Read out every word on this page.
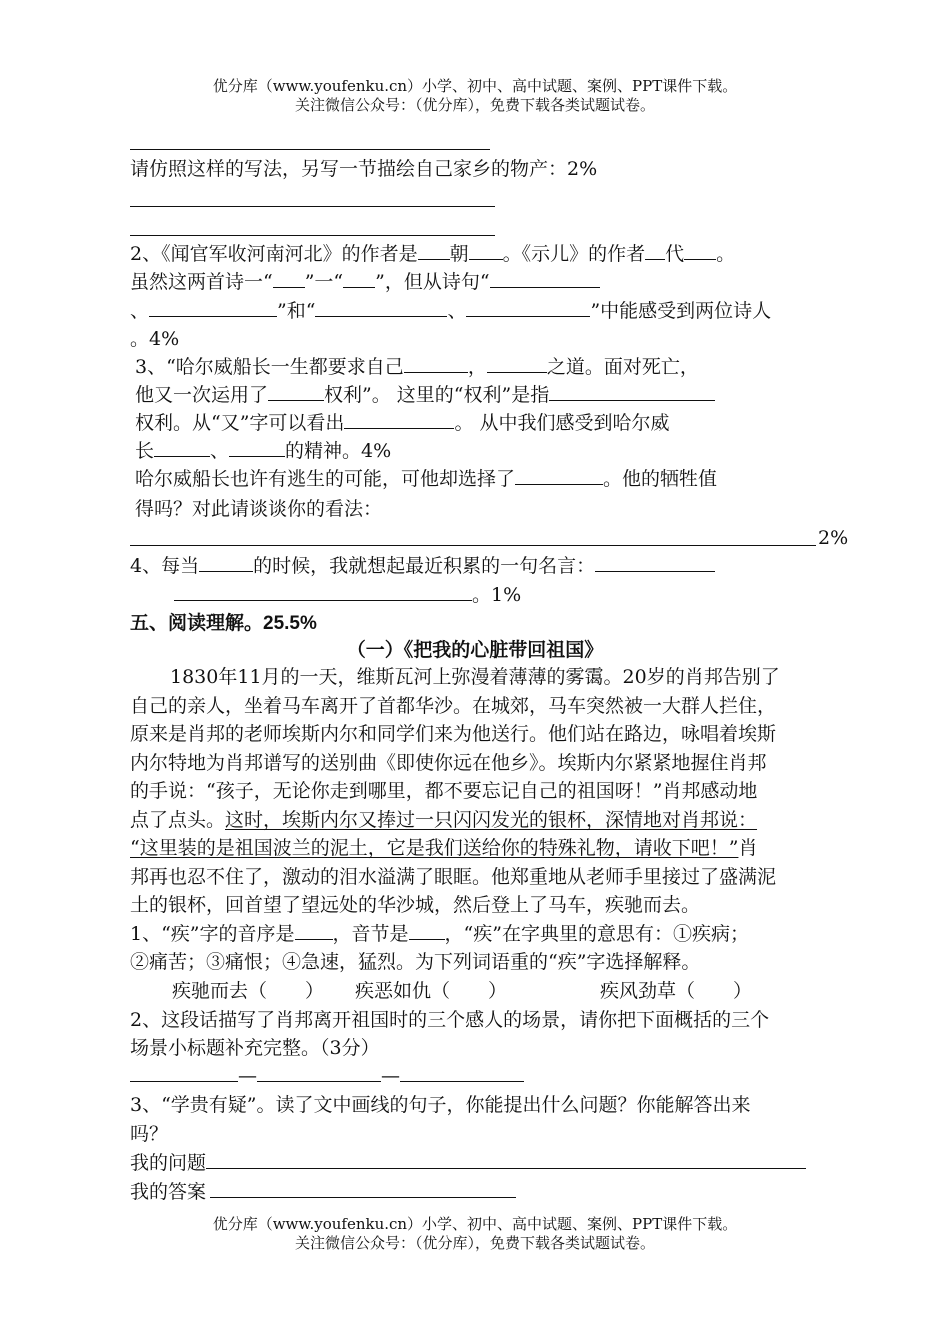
优分库（www.youfenku.cn）小学、初中、高中试题、案例、PPT课件下载。
关注微信公众号：（优分库），免费下载各类试题试卷。
请仿照这样的写法，另写一节描绘自己家乡的物产：2%
2、《闻官军收河南河北》的作者是 朝 。《示儿》的作者 代 。
虽然这两首诗一“ ”一“ ”，但从诗句“
、	”和“	、	”中能感受到两位诗人
。4%
3、“哈尔威船长一生都要求自己	，	之道。面对死亡，
他又一次运用了	权利”。 这里的“权利”是指
权利。从“又”字可以看出	。 从中我们感受到哈尔威
长	、	的精神。4%
哈尔威船长也许有逃生的可能，可他却选择了	。他的牺牲值
得吗？对此请谈谈你的看法：
2%
4、每当	的时候，我就想起最近积累的一句名言：
。1%
五、阅读理解。25.5%
（一）《把我的心脏带回祖国》
1830年11月的一天，维斯瓦河上弥漫着薄薄的雾霭。20岁的肖邦告别了
自己的亲人，坐着马车离开了首都华沙。在城郊，马车突然被一大群人拦住，
原来是肖邦的老师埃斯内尔和同学们来为他送行。他们站在路边，咏唱着埃斯
内尔特地为肖邦谱写的送别曲《即使你远在他乡》。埃斯内尔紧紧地握住肖邦
的手说：“孩子，无论你走到哪里，都不要忘记自己的祖国呀！”肖邦感动地
点了点头。这时，埃斯内尔又捧过一只闪闪发光的银杯，深情地对肖邦说：
“这里装的是祖国波兰的泥土，它是我们送给你的特殊礼物，请收下吧！”肖
邦再也忍不住了，激动的泪水溢满了眼眶。他郑重地从老师手里接过了盛满泥
土的银杯，回首望了望远处的华沙城，然后登上了马车，疾驰而去。
1、“疾”字的音序是 ，音节是 ，“疾”在字典里的意思有：①疾病；
②痛苦；③痛恨；④急速，猛烈。为下列词语重的“疾”字选择解释。
疾驰而去（　　） 疾恶如仇（　　）	疾风劲草（　　）
2、这段话描写了肖邦离开祖国时的三个感人的场景，请你把下面概括的三个
场景小标题补充完整。（3分）
—	—
3、“学贵有疑”。读了文中画线的句子，你能提出什么问题？你能解答出来
吗？
我的问题
我的答案
优分库（www.youfenku.cn）小学、初中、高中试题、案例、PPT课件下载。
关注微信公众号：（优分库），免费下载各类试题试卷。
